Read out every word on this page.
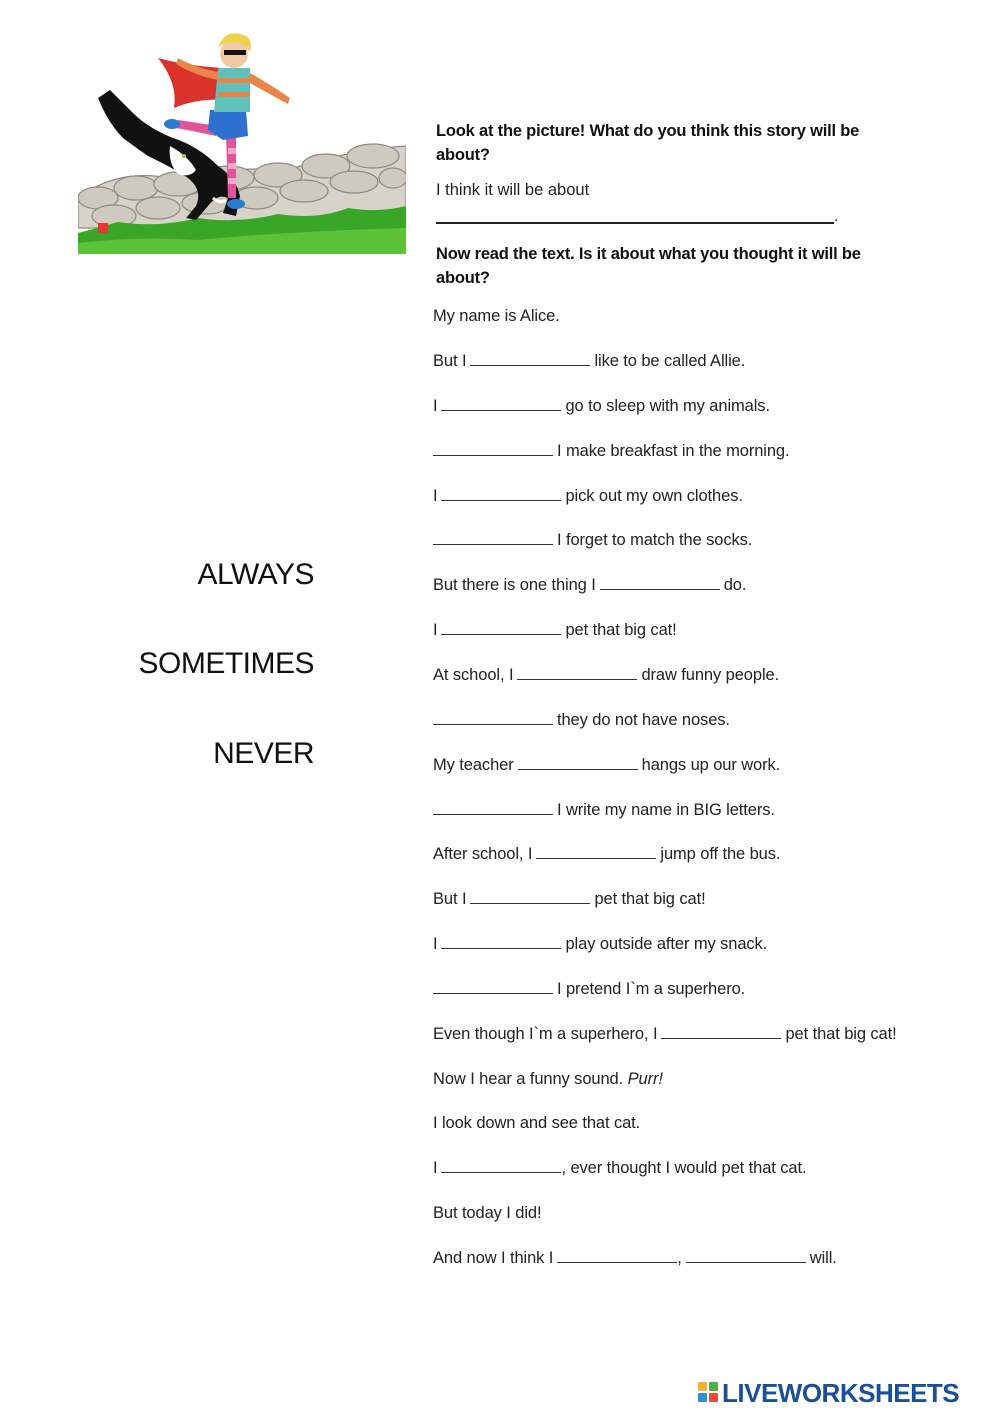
Look at the picture! What do you think this story will be about?
I think it will be about
.
Now read the text. Is it about what you thought it will be about?
ALWAYS
SOMETIMES
NEVER
My name is Alice.
But I	like to be called Allie.
I	go to sleep with my animals.
I make breakfast in the morning.
I	pick out my own clothes.
I forget to match the socks.
But there is one thing I	do.
I	pet that big cat!
At school, I	draw funny people.
they do not have noses.
My teacher	hangs up our work.
I write my name in BIG letters.
After school, I	jump off the bus.
But I	pet that big cat!
I	play outside after my snack.
I pretend I`m a superhero.
Even though I`m a superhero, I	pet that big cat!
Now I hear a funny sound. Purr!
I look down and see that cat.
I	, ever thought I would pet that cat.
But today I did!
And now I think I	,	will.
LIVEWORKSHEETS
